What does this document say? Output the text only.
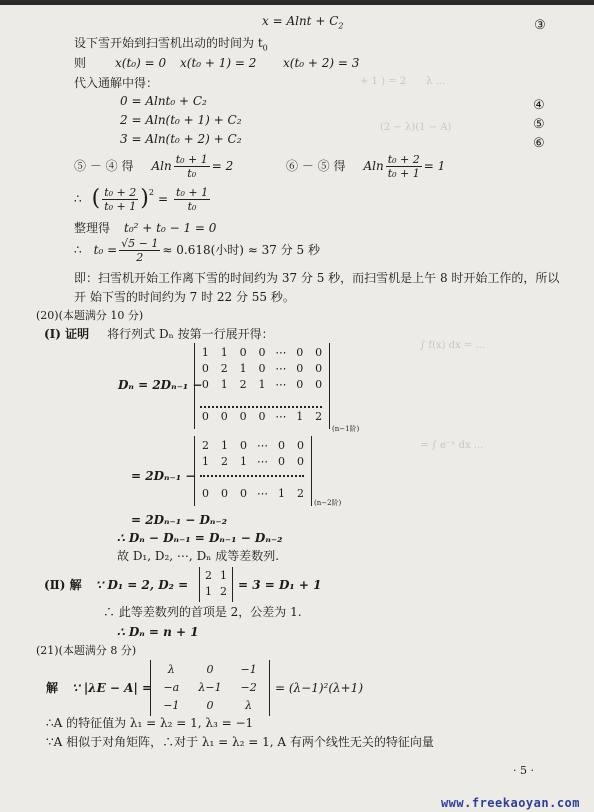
+ 1 ) = 2　　λ ...
(2 − λ)(1 − A)
∫ f(x) dx = ...
= ∫ e⁻ˣ dx ...
$x = Alnt + C_2$	③
设下雪开始到扫雪机出动的时间为 $t_0$
则 x(t₀) = 0 x(t₀ + 1) = 2 x(t₀ + 2) = 3
代入通解中得：
0 = Alnt₀ + C₂	④
2 = Aln(t₀ + 1) + C₂	⑤
3 = Aln(t₀ + 2) + C₂	⑥
⑤ － ④ 得 Aln $\frac{\text{t₀ + 1}}{\text{t₀}} = 2$	⑥ － ⑤ 得 Aln $\frac{\text{t₀ + 2}}{\text{t₀ + 1}} = 1$
∴ ( $\frac{\text{t₀ + 2}}{\text{t₀ + 1}} )^2 = \frac{\text{t₀ + 1}}{\text{t₀}}$
整理得 t₀² + t₀ − 1 = 0
∴ $t_0 = \frac{√5 - 1}{2} \approx 0.618$(小时) ≈ 37 分 5 秒
即：扫雪机开始工作离下雪的时间约为 37 分 5 秒，而扫雪机是上午 8 时开始工作的，所以
开 始下雪的时间约为 7 时 22 分 55 秒。
(20)(本题满分 10 分)
(Ⅰ) 证明 将行列式 Dₙ 按第一行展开得：
Dₙ = 2Dₙ₋₁ −
1	1	0	0 ⋯ 0	0
0	2	1	0 ⋯ 0	0
0	1	2	1 ⋯ 0	0
0	0	0	0 ⋯ 1	2
(n−1阶)
= 2Dₙ₋₁ −
2	1	0 ⋯ 0	0
1	2	1 ⋯ 0	0
0	0	0 ⋯ 1	2
(n−2阶)
= 2Dₙ₋₁ − Dₙ₋₂
∴ Dₙ − Dₙ₋₁ = Dₙ₋₁ − Dₙ₋₂
故 D₁, D₂, ⋯, Dₙ 成等差数列.
(Ⅱ) 解 ∵ D₁ = 2, D₂ =
2 1
1 2 = 3 = D₁ + 1
∴ 此等差数列的首项是 2，公差为 1.
∴ Dₙ = n + 1
(21)(本题满分 8 分)
解 ∵ |λE − A| =
λ	0	−1
−a	λ−1	−2
−1	0	λ
= (λ−1)²(λ+1)
∴A 的特征值为 λ₁ = λ₂ = 1, λ₃ = −1
∵A 相似于对角矩阵，∴对于 λ₁ = λ₂ = 1, A 有两个线性无关的特征向量
· 5 ·
www.freekaoyan.com
